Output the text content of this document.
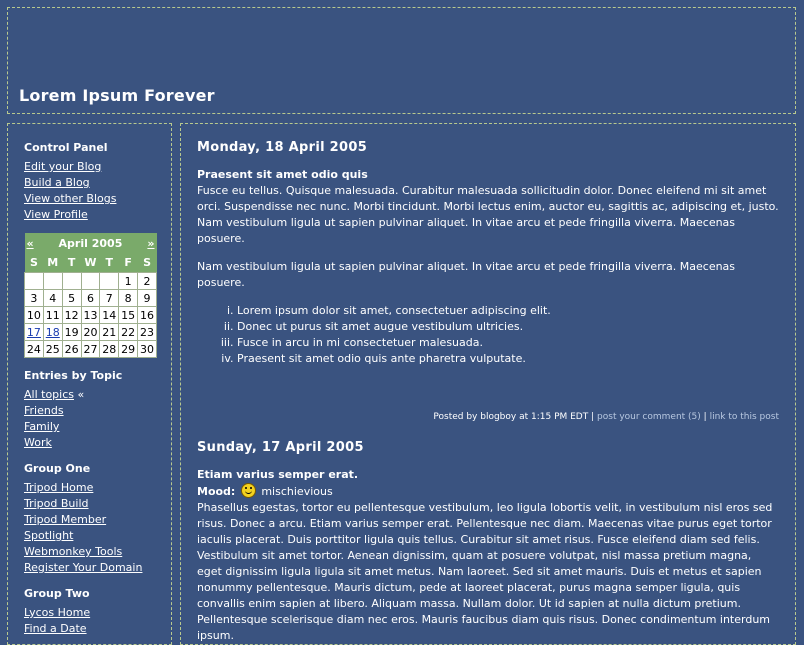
Lorem Ipsum Forever
Control Panel
Edit your Blog
Build a Blog
View other Blogs
View Profile
«	April 2005					»
S	M	T	W	T	F	S
					1	2
3	4	5	6	7	8	9
10	11	12	13	14	15	16
17	18	19	20	21	22	23
24	25	26	27	28	29	30
Entries by Topic
All topics «
Friends
Family
Work
Group One
Tripod Home
Tripod Build
Tripod Member
Spotlight
Webmonkey Tools
Register Your Domain
Group Two
Lycos Home
Find a Date
Monday, 18 April 2005
Praesent sit amet odio quis

Fusce eu tellus. Quisque malesuada. Curabitur malesuada sollicitudin dolor. Donec eleifend mi sit amet orci. Suspendisse nec nunc. Morbi tincidunt. Morbi lectus enim, auctor eu, sagittis ac, adipiscing et, justo. Nam vestibulum ligula ut sapien pulvinar aliquet. In vitae arcu et pede fringilla viverra. Maecenas posuere.

Nam vestibulum ligula ut sapien pulvinar aliquet. In vitae arcu et pede fringilla viverra. Maecenas posuere.

i. Lorem ipsum dolor sit amet, consectetuer adipiscing elit.
ii. Donec ut purus sit amet augue vestibulum ultricies.
iii. Fusce in arcu in mi consectetuer malesuada.
iv. Praesent sit amet odio quis ante pharetra vulputate.
Posted by blogboy at 1:15 PM EDT | post your comment (5) | link to this post
Sunday, 17 April 2005
Etiam varius semper erat.
Mood: mischievious

Phasellus egestas, tortor eu pellentesque vestibulum, leo ligula lobortis velit, in vestibulum nisl eros sed risus. Donec a arcu. Etiam varius semper erat. Pellentesque nec diam. Maecenas vitae purus eget tortor iaculis placerat. Duis porttitor ligula quis tellus. Curabitur sit amet risus. Fusce eleifend diam sed felis. Vestibulum sit amet tortor. Aenean dignissim, quam at posuere volutpat, nisl massa pretium magna, eget dignissim ligula ligula sit amet metus. Nam laoreet. Sed sit amet mauris. Duis et metus et sapien nonummy pellentesque. Mauris dictum, pede at laoreet placerat, purus magna semper ligula, quis convallis enim sapien at libero. Aliquam massa. Nullam dolor. Ut id sapien at nulla dictum pretium. Pellentesque scelerisque diam nec eros. Mauris faucibus diam quis risus. Donec condimentum interdum ipsum.
